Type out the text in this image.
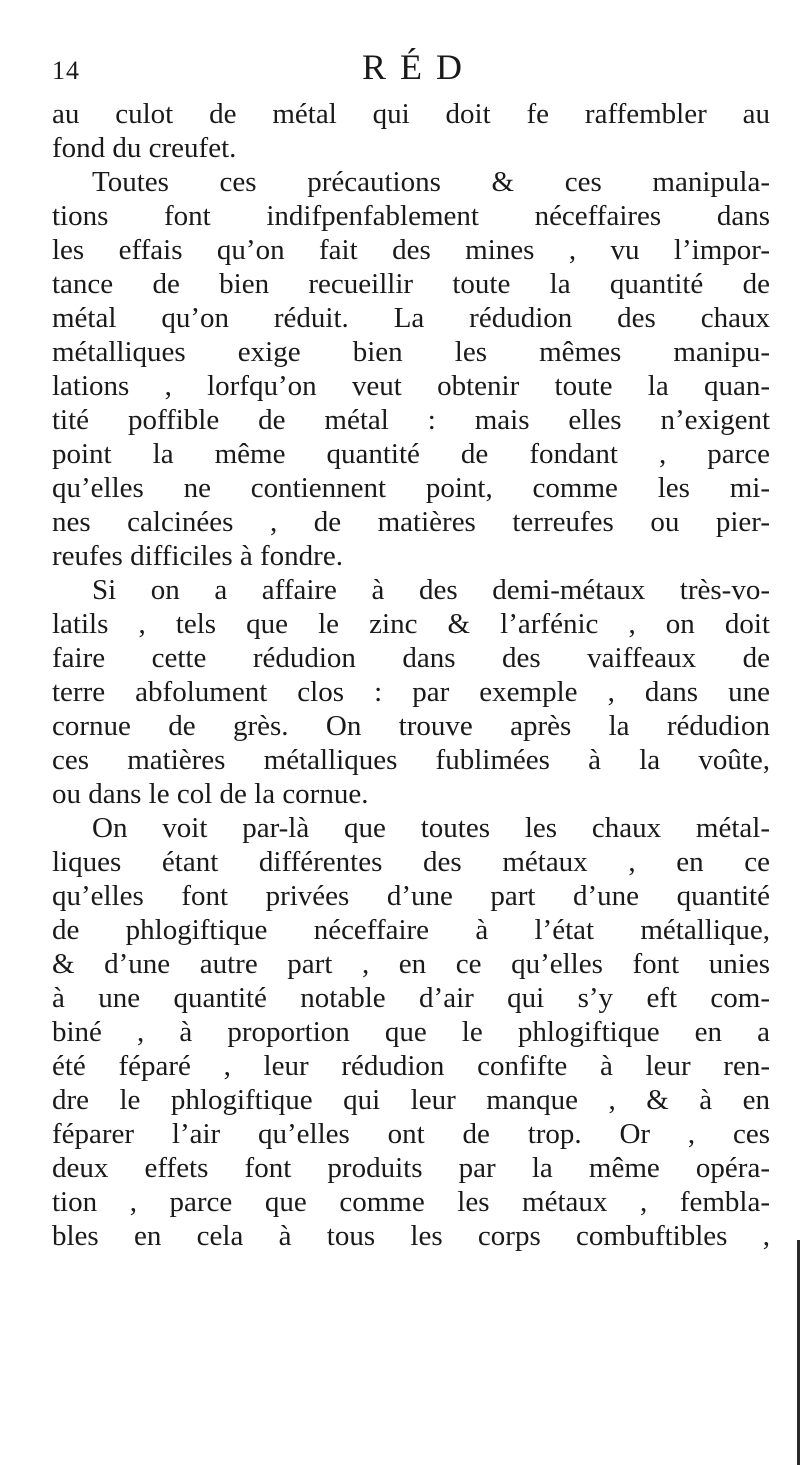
14	RÉD
au culot de métal qui doit fe raffembler au
fond du creufet.
Toutes ces précautions & ces manipula-
tions font indifpenfablement néceffaires dans
les effais qu’on fait des mines , vu l’impor-
tance de bien recueillir toute la quantité de
métal qu’on réduit. La rédudion des chaux
métalliques exige bien les mêmes manipu-
lations , lorfqu’on veut obtenir toute la quan-
tité poffible de métal : mais elles n’exigent
point la même quantité de fondant , parce
qu’elles ne contiennent point, comme les mi-
nes calcinées , de matières terreufes ou pier-
reufes difficiles à fondre.
Si on a affaire à des demi-métaux très-vo-
latils , tels que le zinc & l’arfénic , on doit
faire cette rédudion dans des vaiffeaux de
terre abfolument clos : par exemple , dans une
cornue de grès. On trouve après la rédudion
ces matières métalliques fublimées à la voûte,
ou dans le col de la cornue.
On voit par-là que toutes les chaux métal-
liques étant différentes des métaux , en ce
qu’elles font privées d’une part d’une quantité
de phlogiftique néceffaire à l’état métallique,
& d’une autre part , en ce qu’elles font unies
à une quantité notable d’air qui s’y eft com-
biné , à proportion que le phlogiftique en a
été féparé , leur rédudion confifte à leur ren-
dre le phlogiftique qui leur manque , & à en
féparer l’air qu’elles ont de trop. Or , ces
deux effets font produits par la même opéra-
tion , parce que comme les métaux , fembla-
bles en cela à tous les corps combuftibles ,
